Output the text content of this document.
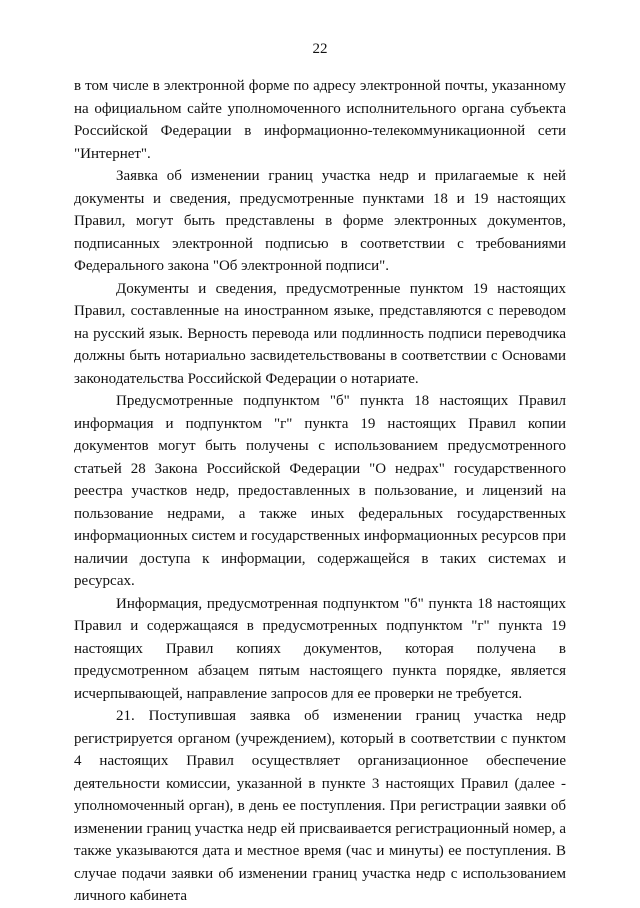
22

в том числе в электронной форме по адресу электронной почты, указанному на официальном сайте уполномоченного исполнительного органа субъекта Российской Федерации в информационно-телекоммуникационной сети "Интернет".

Заявка об изменении границ участка недр и прилагаемые к ней документы и сведения, предусмотренные пунктами 18 и 19 настоящих Правил, могут быть представлены в форме электронных документов, подписанных электронной подписью в соответствии с требованиями Федерального закона "Об электронной подписи".

Документы и сведения, предусмотренные пунктом 19 настоящих Правил, составленные на иностранном языке, представляются с переводом на русский язык. Верность перевода или подлинность подписи переводчика должны быть нотариально засвидетельствованы в соответствии с Основами законодательства Российской Федерации о нотариате.

Предусмотренные подпунктом "б" пункта 18 настоящих Правил информация и подпунктом "г" пункта 19 настоящих Правил копии документов могут быть получены с использованием предусмотренного статьей 28 Закона Российской Федерации "О недрах" государственного реестра участков недр, предоставленных в пользование, и лицензий на пользование недрами, а также иных федеральных государственных информационных систем и государственных информационных ресурсов при наличии доступа к информации, содержащейся в таких системах и ресурсах.

Информация, предусмотренная подпунктом "б" пункта 18 настоящих Правил и содержащаяся в предусмотренных подпунктом "г" пункта 19 настоящих Правил копиях документов, которая получена в предусмотренном абзацем пятым настоящего пункта порядке, является исчерпывающей, направление запросов для ее проверки не требуется.

21. Поступившая заявка об изменении границ участка недр регистрируется органом (учреждением), который в соответствии с пунктом 4 настоящих Правил осуществляет организационное обеспечение деятельности комиссии, указанной в пункте 3 настоящих Правил (далее - уполномоченный орган), в день ее поступления. При регистрации заявки об изменении границ участка недр ей присваивается регистрационный номер, а также указываются дата и местное время (час и минуты) ее поступления. В случае подачи заявки об изменении границ участка недр с использованием личного кабинета
